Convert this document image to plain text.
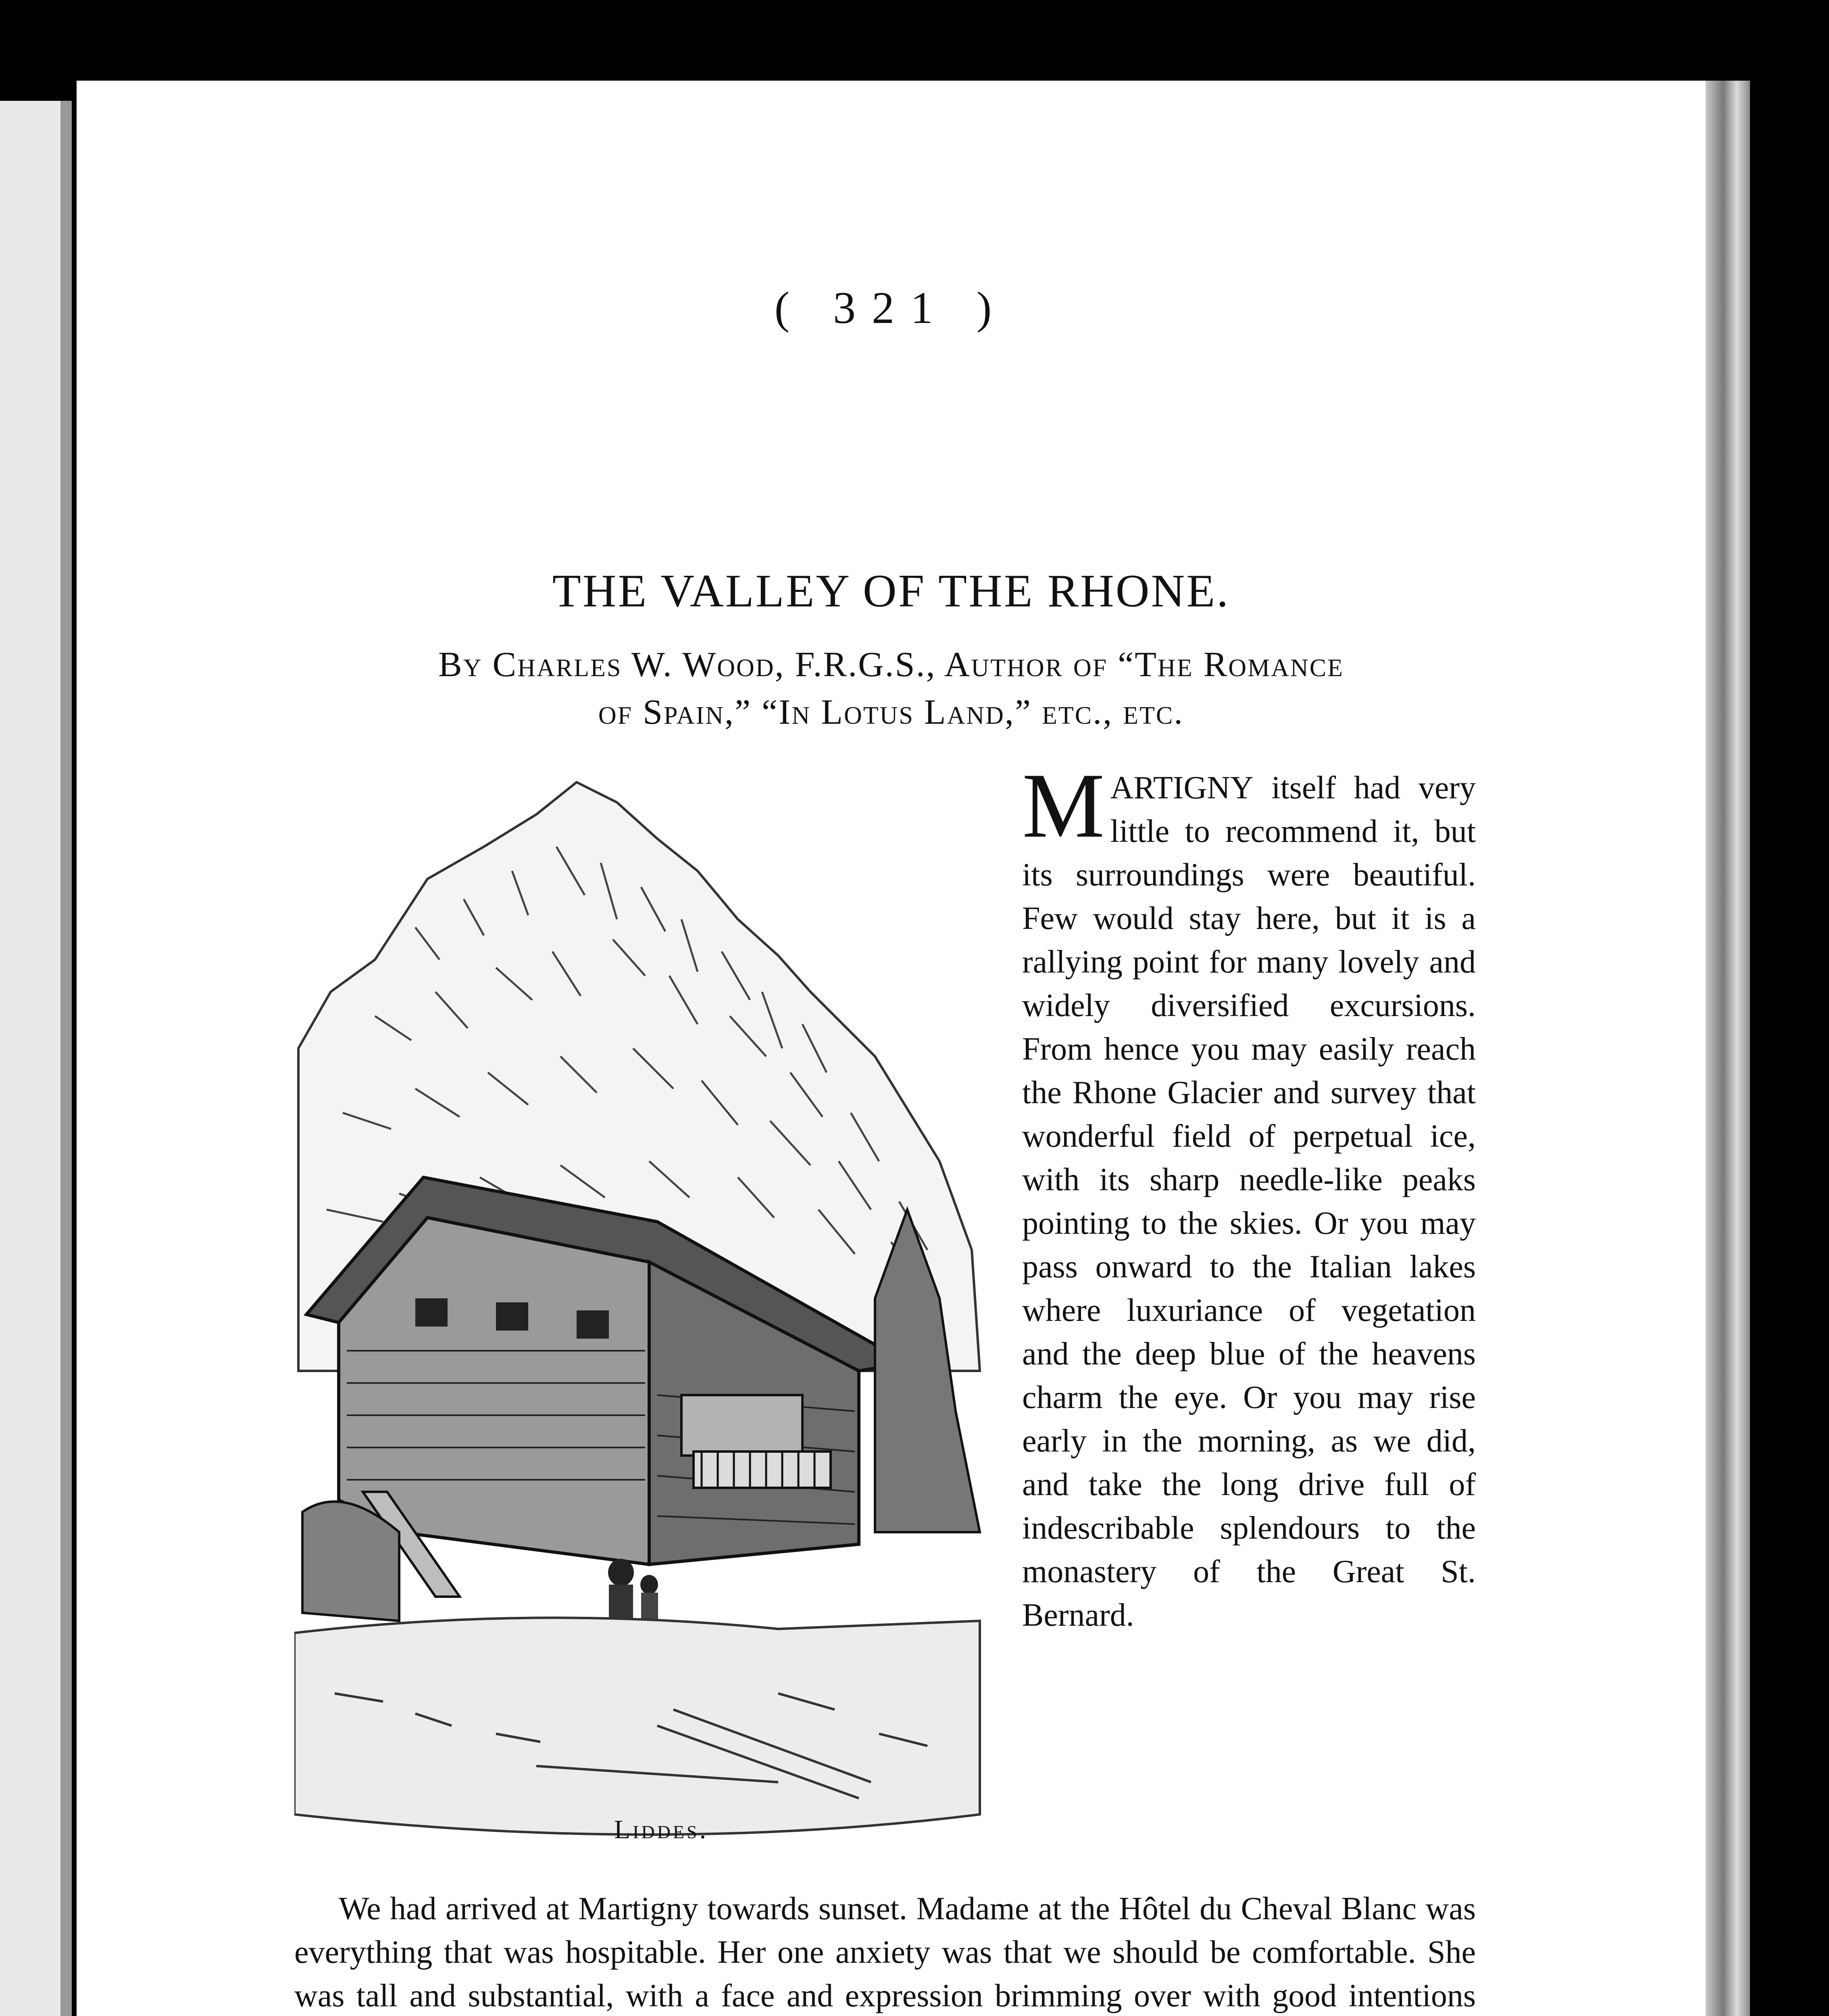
( 321 )
THE VALLEY OF THE RHONE.
By Charles W. Wood, F.R.G.S., Author of “The Romance
of Spain,” “In Lotus Land,” etc., etc.
Liddes.
MARTIGNY itself had very little to recommend it, but its surroundings were beautiful. Few would stay here, but it is a rallying point for many lovely and widely diversified excursions. From hence you may easily reach the Rhone Glacier and survey that wonderful field of perpetual ice, with its sharp needle-like peaks pointing to the skies. Or you may pass onward to the Italian lakes where luxuriance of vegetation and the deep blue of the heavens charm the eye. Or you may rise early in the morning, as we did, and take the long drive full of indescribable splendours to the monastery of the Great St. Bernard.

We had arrived at Martigny towards sunset. Madame at the Hôtel du Cheval Blanc was everything that was hospitable. Her one anxiety was that we should be comfortable. She was tall and substantial, with a face and expression brimming over with good intentions
